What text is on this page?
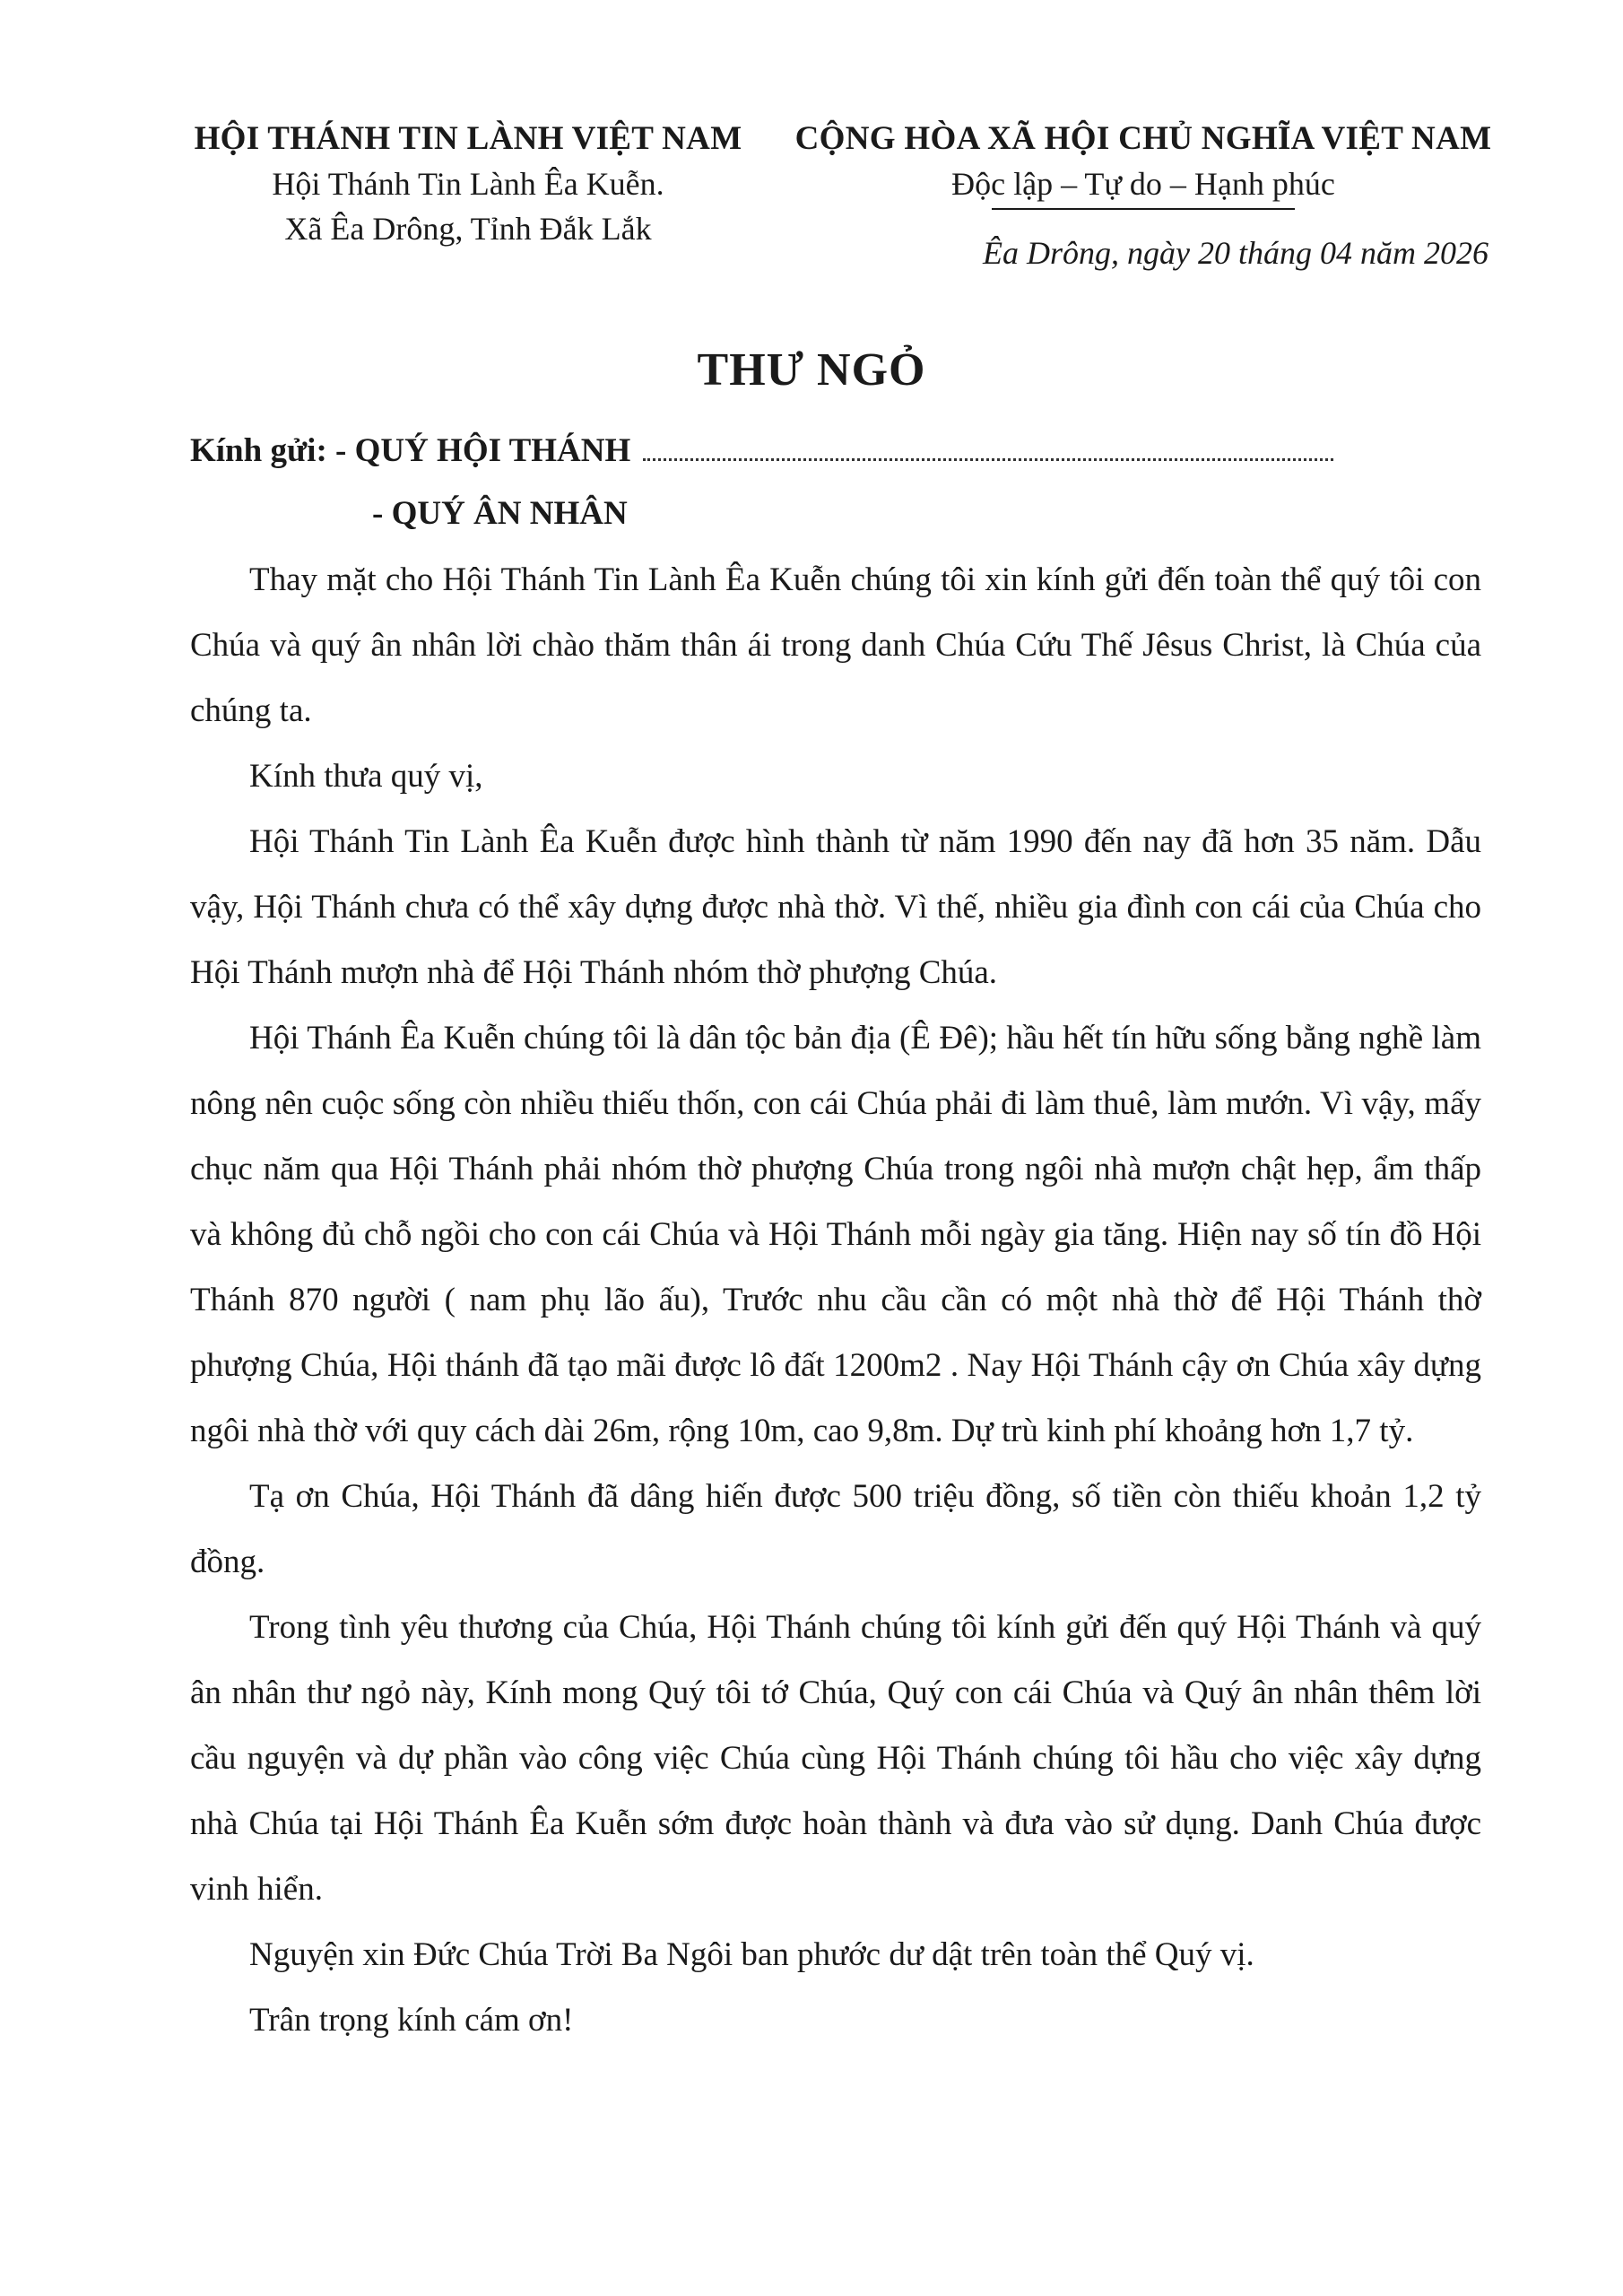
HỘI THÁNH TIN LÀNH VIỆT NAM
Hội Thánh Tin Lành Êa Kuễn.
Xã Êa Drông, Tỉnh Đắk Lắk
CỘNG HÒA XÃ HỘI CHỦ NGHĨA VIỆT NAM
Độc lập – Tự do – Hạnh phúc
Êa Drông, ngày 20 tháng 04 năm 2026
THƯ NGỎ
Kính gửi: - QUÝ HỘI THÁNH
- QUÝ ÂN NHÂN

Thay mặt cho Hội Thánh Tin Lành Êa Kuễn chúng tôi xin kính gửi đến toàn thể quý tôi con Chúa và quý ân nhân lời chào thăm thân ái trong danh Chúa Cứu Thế Jêsus Christ, là Chúa của chúng ta.

Kính thưa quý vị,

Hội Thánh Tin Lành Êa Kuễn được hình thành từ năm 1990 đến nay đã hơn 35 năm. Dẫu vậy, Hội Thánh chưa có thể xây dựng được nhà thờ. Vì thế, nhiều gia đình con cái của Chúa cho Hội Thánh mượn nhà để Hội Thánh nhóm thờ phượng Chúa.

Hội Thánh Êa Kuễn chúng tôi là dân tộc bản địa (Ê Đê); hầu hết tín hữu sống bằng nghề làm nông nên cuộc sống còn nhiều thiếu thốn, con cái Chúa phải đi làm thuê, làm mướn. Vì vậy, mấy chục năm qua Hội Thánh phải nhóm thờ phượng Chúa trong ngôi nhà mượn chật hẹp, ẩm thấp và không đủ chỗ ngồi cho con cái Chúa và Hội Thánh mỗi ngày gia tăng. Hiện nay số tín đồ Hội Thánh 870 người ( nam phụ lão ấu), Trước nhu cầu cần có một nhà thờ để Hội Thánh thờ phượng Chúa, Hội thánh đã tạo mãi được lô đất 1200m2 . Nay Hội Thánh cậy ơn Chúa xây dựng ngôi nhà thờ với quy cách dài 26m, rộng 10m, cao 9,8m. Dự trù kinh phí khoảng hơn 1,7 tỷ.

Tạ ơn Chúa, Hội Thánh đã dâng hiến được 500 triệu đồng, số tiền còn thiếu khoản 1,2 tỷ đồng.

Trong tình yêu thương của Chúa, Hội Thánh chúng tôi kính gửi đến quý Hội Thánh và quý ân nhân thư ngỏ này, Kính mong Quý tôi tớ Chúa, Quý con cái Chúa và Quý ân nhân thêm lời cầu nguyện và dự phần vào công việc Chúa cùng Hội Thánh chúng tôi hầu cho việc xây dựng nhà Chúa tại Hội Thánh Êa Kuễn sớm được hoàn thành và đưa vào sử dụng. Danh Chúa được vinh hiển.

Nguyện xin Đức Chúa Trời Ba Ngôi ban phước dư dật trên toàn thể Quý vị.

Trân trọng kính cám ơn!
